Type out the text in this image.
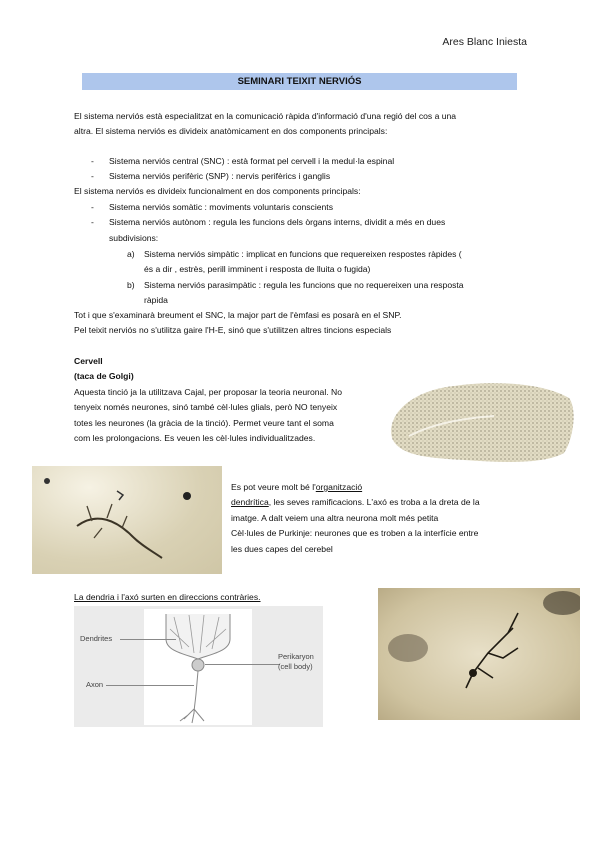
Ares Blanc Iniesta
SEMINARI TEIXIT NERVIÓS
El sistema nerviós està especialitzat en la comunicació ràpida d'informació d'una regió del cos a una
altra. El sistema nerviós es divideix anatòmicament en dos components principals:
- Sistema nerviós central (SNC) : està format pel cervell i la medul·la espinal
- Sistema nerviós perifèric (SNP) : nervis perifèrics i ganglis
El sistema nerviós es divideix funcionalment en dos components principals:
- Sistema nerviós somàtic : moviments voluntaris conscients
- Sistema nerviós autònom : regula les funcions dels òrgans interns, dividit a més en dues
subdivisions:
a) Sistema nerviós simpàtic : implicat en funcions que requereixen respostes ràpides (
és a dir , estrès, perill imminent i resposta de lluita o fugida)
b) Sistema nerviós parasimpàtic : regula les funcions que no requereixen una resposta
ràpida
Tot i que s'examinarà breument el SNC, la major part de l'èmfasi es posarà en el SNP.
Pel teixit nerviós no s'utilitza gaire l'H-E, sinó que s'utilitzen altres tincions especials
Cervell
(taca de Golgi)
Aquesta tinció ja la utilitzava Cajal, per proposar la teoria neuronal. No
tenyeix només neurones, sinó també cèl·lules glials, però NO tenyeix
totes les neurones (la gràcia de la tinció). Permet veure tant el soma
com les prolongacions. Es veuen les cèl·lules individualitzades.
Es pot veure molt bé l'organització
dendrítica, les seves ramificacions. L'axó es troba a la dreta de la
imatge. A dalt veiem una altra neurona molt més petita
Cèl·lules de Purkinje: neurones que es troben a la interfície entre
les dues capes del cerebel
La dendria i l'axó surten en direccions contràries.
Dendrites
Axon
Perikaryon
(cell body)
